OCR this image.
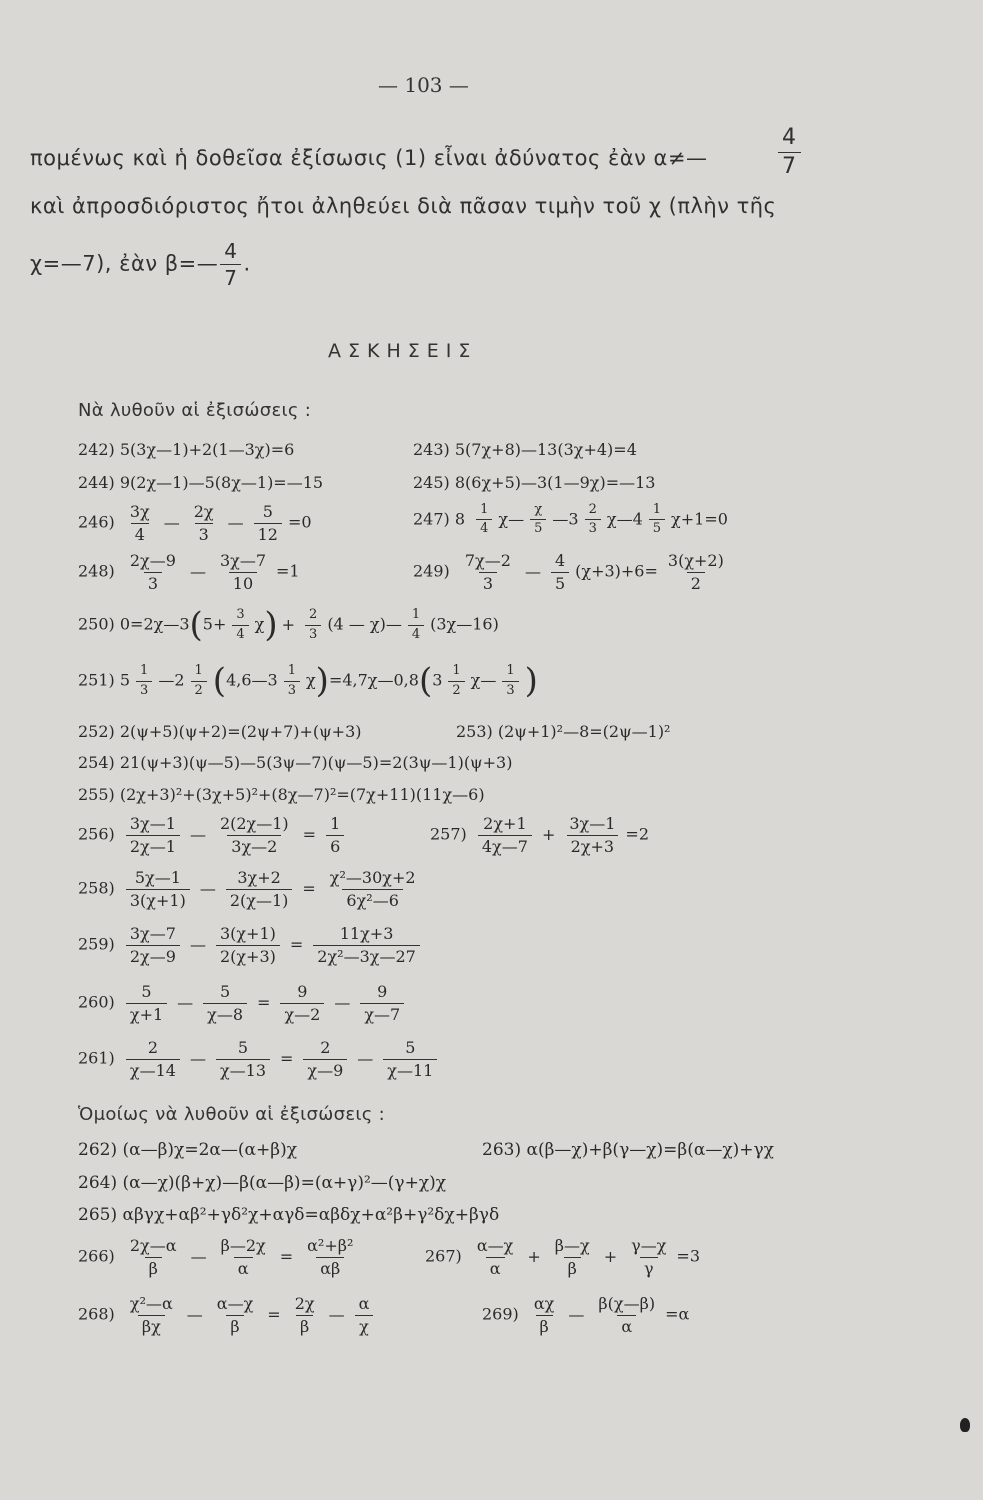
— 103 —
πομένως καὶ ἡ δοθεῖσα ἐξίσωσις (1) εἶναι ἀδύνατος ἐὰν α≠—	$\frac{4}{7}$
καὶ ἀπροσδιόριστος ἤτοι ἀληθεύει διὰ πᾶσαν τιμὴν τοῦ χ (πλὴν τῆς
χ=—7), ἐὰν β=— $\frac{4}{7}$ .
ΑΣΚΗΣΕΙΣ
Νὰ λυθοῦν αἱ ἐξισώσεις :
242) 5(3χ—1)+2(1—3χ)=6	243) 5(7χ+8)—13(3χ+4)=4
244) 9(2χ—1)—5(8χ—1)=—15	245) 8(6χ+5)—3(1—9χ)=—13
$246) \frac{3\chi}{4}$ — $\frac{2\chi}{3}$ — $\frac{5}{12} =0$	247) $8 \frac{1}{4}$ χ— $\frac{\chi}{5}$ —3 $\frac{2}{3}$ χ—4 $\frac{1}{5} \chi+1=0$
$248) \frac{2\chi—9}{3}$ — $\frac{3\chi—7}{10} =1$	$249) \frac{7\chi—2}{3}$ — $\frac{4}{5} (\chi+3)+6= \frac{3(\chi+2)}{2}$
250) 0=2χ—3(5+ $\frac{3}{4} \chi) + \frac{2}{3} (4$ — χ)— $\frac{1}{4}$ (3χ—16)
251) $5 \frac{1}{3}$ —2 $\frac{1}{2}$ (4,6—3 $\frac{1}{3}$ χ)=4,7χ—0,8(3 $\frac{1}{2}$ χ— $\frac{1}{3}$ )
252) 2(ψ+5)(ψ+2)=(2ψ+7)+(ψ+3)	253) (2ψ+1)²—8=(2ψ—1)²
254) 21(ψ+3)(ψ—5)—5(3ψ—7)(ψ—5)=2(3ψ—1)(ψ+3)
255) (2χ+3)²+(3χ+5)²+(8χ—7)²=(7χ+11)(11χ—6)
$256) \frac{3\chi—1}{2\chi—1}$ — $\frac{2(2\chi—1)}{3\chi—2} = \frac{1}{6}$	$257) \frac{2\chi+1}{4\chi—7} + \frac{3\chi—1}{2\chi+3} =2$
$258) \frac{5\chi—1}{3(\chi+1)}$ — $\frac{3\chi+2}{2(\chi—1)} = \frac{\text{χ²—30χ+2}}{\text{6χ²—6}}$
$259) \frac{3\chi—7}{2\chi—9}$ — $\frac{3(\chi+1)}{2(\chi+3)} = \frac{11\chi+3}{\text{2χ²—3χ—27}}$
$260) \frac{5}{\chi+1}$ — $\frac{5}{\chi—8} = \frac{9}{\chi—2}$ — $\frac{9}{\chi—7}$
$261) \frac{2}{\chi—14}$ — $\frac{5}{\chi—13} = \frac{2}{\chi—9}$ — $\frac{5}{\chi—11}$
Ὁμοίως νὰ λυθοῦν αἱ ἐξισώσεις :
262) (α—β)χ=2α—(α+β)χ	263) α(β—χ)+β(γ—χ)=β(α—χ)+γχ
264) (α—χ)(β+χ)—β(α—β)=(α+γ)²—(γ+χ)χ
265) αβγχ+αβ²+γδ²χ+αγδ=αβδχ+α²β+γ²δχ+βγδ
$266) \frac{2\chi—\alpha}{\beta}$ — $\frac{\beta—2\chi}{\alpha} = \frac{\text{α²+β²}}{\alpha\beta}$	$267) \frac{\alpha—\chi}{\alpha} + \frac{\beta—\chi}{\beta} + \frac{\gamma—\chi}{\gamma} =3$
$268) \frac{\text{χ²—α}}{\beta\chi}$ — $\frac{\alpha—\chi}{\beta} = \frac{2\chi}{\beta}$ — $\frac{\alpha}{\chi}$	$269) \frac{\alpha\chi}{\beta}$ — $\frac{\beta(\chi—\beta)}{\alpha} =\alpha$
